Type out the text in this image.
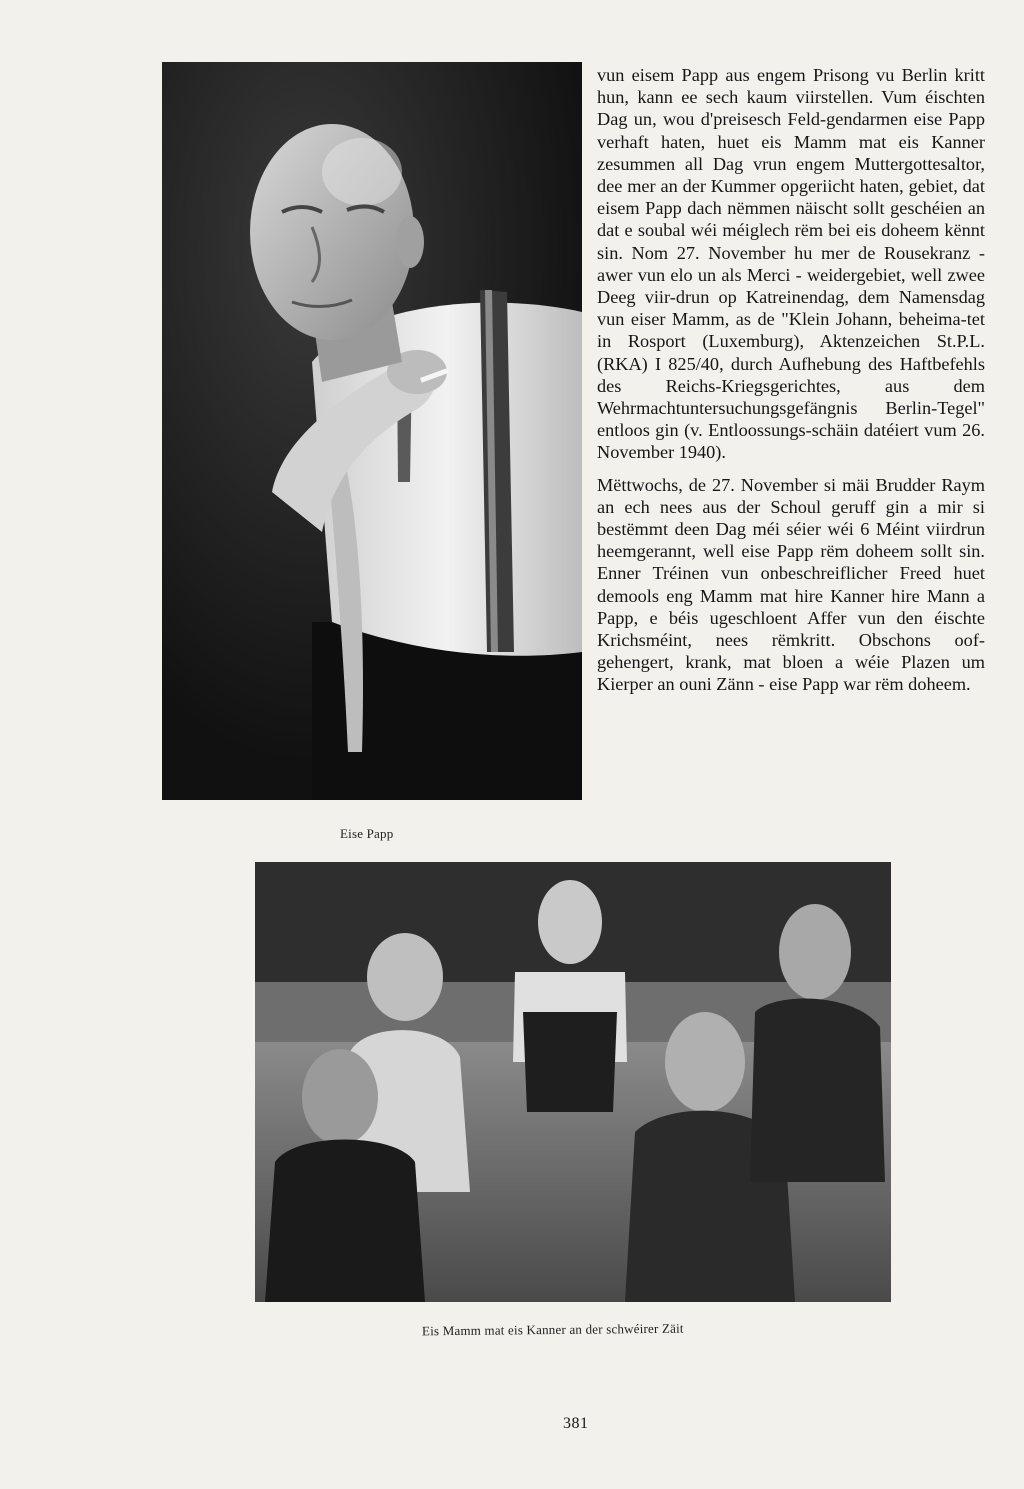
Eise Papp

vun eisem Papp aus engem Prisong vu Berlin kritt hun, kann ee sech kaum viirstellen. Vum éischten Dag un, wou d'preisesch Feld-gendarmen eise Papp verhaft haten, huet eis Mamm mat eis Kanner zesummen all Dag vrun engem Muttergottesaltor, dee mer an der Kummer opgeriicht haten, gebiet, dat eisem Papp dach nëmmen näischt sollt geschéien an dat e soubal wéi méiglech rëm bei eis doheem kënnt sin. Nom 27. November hu mer de Rousekranz -awer vun elo un als Merci - weidergebiet, well zwee Deeg viir-drun op Katreinendag, dem Namensdag vun eiser Mamm, as de "Klein Johann, beheima-tet in Rosport (Luxemburg), Aktenzeichen St.P.L. (RKA) I 825/40, durch Aufhebung des Haftbefehls des Reichs-Kriegsgerichtes, aus dem Wehrmachtuntersuchungsgefängnis Berlin-Tegel" entloos gin (v. Entloossungs-schäin datéiert vum 26. November 1940).

Mëttwochs, de 27. November si mäi Brudder Raym an ech nees aus der Schoul geruff gin a mir si bestëmmt deen Dag méi séier wéi 6 Méint viirdrun heemgerannt, well eise Papp rëm doheem sollt sin. Enner Tréinen vun onbeschreiflicher Freed huet demools eng Mamm mat hire Kanner hire Mann a Papp, e béis ugeschloent Affer vun den éischte Krichsméint, nees rëmkritt. Obschons oof-gehengert, krank, mat bloen a wéie Plazen um Kierper an ouni Zänn - eise Papp war rëm doheem.

Eis Mamm mat eis Kanner an der schwéirer Zäit
381
